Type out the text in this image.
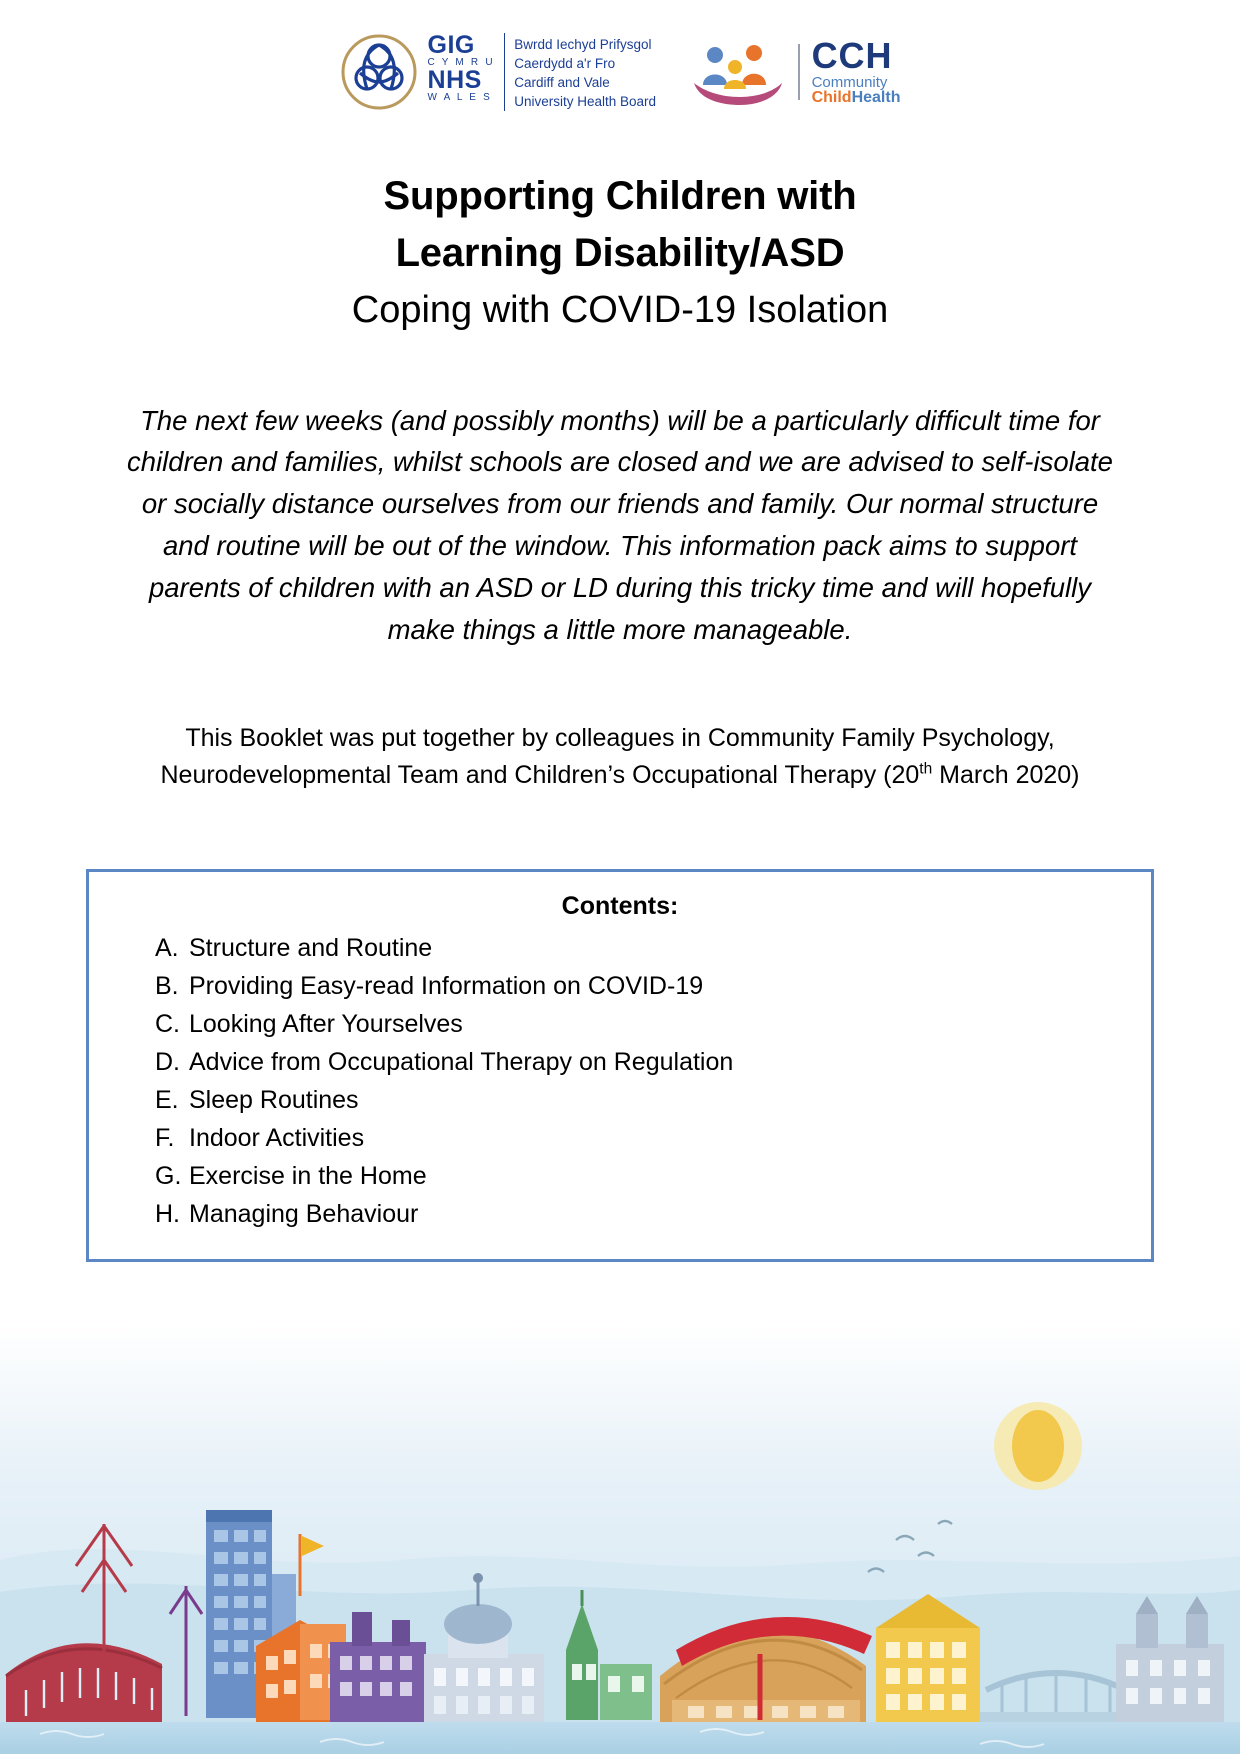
GIG
C Y M R U
NHS
W A L E S
Bwrdd Iechyd Prifysgol
Caerdydd a'r Fro
Cardiff and Vale
University Health Board
CCH
Community
ChildHealth
Supporting Children with
Learning Disability/ASD
Coping with COVID-19 Isolation

The next few weeks (and possibly months) will be a particularly difficult time for children and families, whilst schools are closed and we are advised to self-isolate or socially distance ourselves from our friends and family. Our normal structure and routine will be out of the window. This information pack aims to support parents of children with an ASD or LD during this tricky time and will hopefully make things a little more manageable.

This Booklet was put together by colleagues in Community Family Psychology, Neurodevelopmental Team and Children’s Occupational Therapy (20th March 2020)

Contents:
A. Structure and Routine
B. Providing Easy-read Information on COVID-19
C. Looking After Yourselves
D. Advice from Occupational Therapy on Regulation
E. Sleep Routines
F. Indoor Activities
G. Exercise in the Home
H. Managing Behaviour
